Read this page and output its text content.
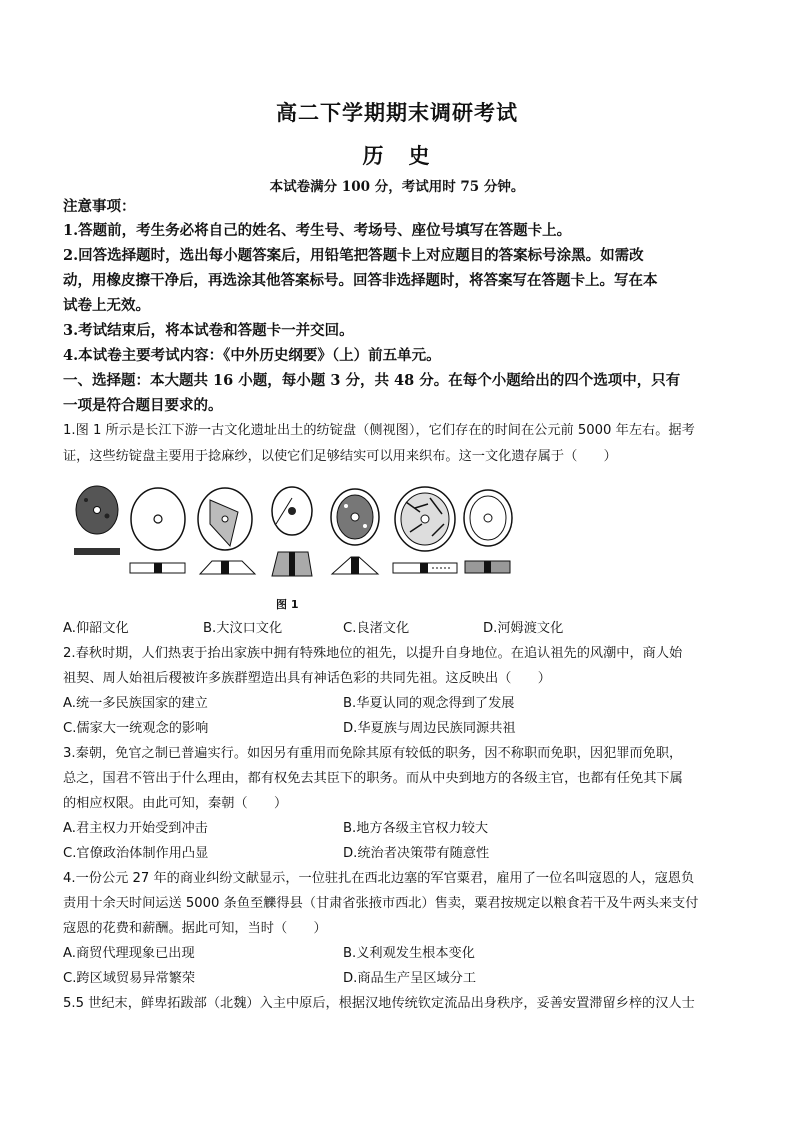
高二下学期期末调研考试
历　史
本试卷满分 100 分，考试用时 75 分钟。
注意事项：
1.答题前，考生务必将自己的姓名、考生号、考场号、座位号填写在答题卡上。
2.回答选择题时，选出每小题答案后，用铅笔把答题卡上对应题目的答案标号涂黑。如需改
动，用橡皮擦干净后，再选涂其他答案标号。回答非选择题时，将答案写在答题卡上。写在本
试卷上无效。
3.考试结束后，将本试卷和答题卡一并交回。
4.本试卷主要考试内容：《中外历史纲要》（上）前五单元。
一、选择题：本大题共 16 小题，每小题 3 分，共 48 分。在每个小题给出的四个选项中，只有
一项是符合题目要求的。
1.图 1 所示是长江下游一古文化遗址出土的纺锭盘（侧视图），它们存在的时间在公元前 5000 年左右。据考
证，这些纺锭盘主要用于捻麻纱，以使它们足够结实可以用来织布。这一文化遗存属于（　　）
图 1
A.仰韶文化	B.大汶口文化	C.良渚文化	D.河姆渡文化
2.春秋时期，人们热衷于抬出家族中拥有特殊地位的祖先，以提升自身地位。在追认祖先的风潮中，商人始
祖契、周人始祖后稷被许多族群塑造出具有神话色彩的共同先祖。这反映出（　　）
A.统一多民族国家的建立	B.华夏认同的观念得到了发展
C.儒家大一统观念的影响	D.华夏族与周边民族同源共祖
3.秦朝，免官之制已普遍实行。如因另有重用而免除其原有较低的职务，因不称职而免职，因犯罪而免职，
总之，国君不管出于什么理由，都有权免去其臣下的职务。而从中央到地方的各级主官，也都有任免其下属
的相应权限。由此可知，秦朝（　　）
A.君主权力开始受到冲击	B.地方各级主官权力较大
C.官僚政治体制作用凸显	D.统治者决策带有随意性
4.一份公元 27 年的商业纠纷文献显示，一位驻扎在西北边塞的军官粟君，雇用了一位名叫寇恩的人，寇恩负
责用十余天时间运送 5000 条鱼至觻得县（甘肃省张掖市西北）售卖，粟君按规定以粮食若干及牛两头来支付
寇恩的花费和薪酬。据此可知，当时（　　）
A.商贸代理现象已出现	B.义利观发生根本变化
C.跨区域贸易异常繁荣	D.商品生产呈区域分工
5.5 世纪末，鲜卑拓跋部（北魏）入主中原后，根据汉地传统钦定流品出身秩序，妥善安置滞留乡梓的汉人士
